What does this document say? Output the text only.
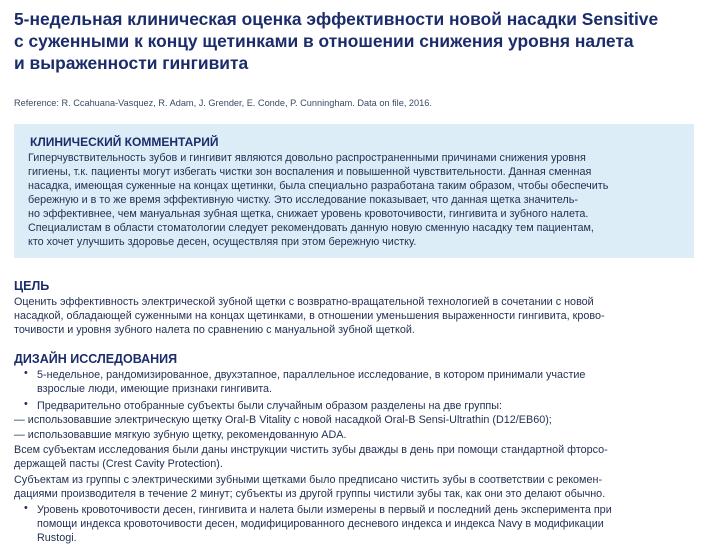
5-недельная клиническая оценка эффективности новой насадки Sensitive
с суженными к концу щетинками в отношении снижения уровня налета
и выраженности гингивита
Reference: R. Ccahuana-Vasquez, R. Adam, J. Grender, E. Conde, P. Cunningham. Data on file, 2016.
КЛИНИЧЕСКИЙ КОММЕНТАРИЙ
Гиперчувствительность зубов и гингивит являются довольно распространенными причинами снижения уровня
гигиены, т.к. пациенты могут избегать чистки зон воспаления и повышенной чувствительности. Данная сменная
насадка, имеющая суженные на концах щетинки, была специально разработана таким образом, чтобы обеспечить
бережную и в то же время эффективную чистку. Это исследование показывает, что данная щетка значитель-
но эффективнее, чем мануальная зубная щетка, снижает уровень кровоточивости, гингивита и зубного налета.
Специалистам в области стоматологии следует рекомендовать данную новую сменную насадку тем пациентам,
кто хочет улучшить здоровье десен, осуществляя при этом бережную чистку.
ЦЕЛЬ
Оценить эффективность электрической зубной щетки с возвратно-вращательной технологией в сочетании с новой
насадкой, обладающей суженными на концах щетинками, в отношении уменьшения выраженности гингивита, крово-
точивости и уровня зубного налета по сравнению с мануальной зубной щеткой.
ДИЗАЙН ИССЛЕДОВАНИЯ
• 5-недельное, рандомизированное, двухэтапное, параллельное исследование, в котором принимали участие
взрослые люди, имеющие признаки гингивита.
• Предварительно отобранные субъекты были случайным образом разделены на две группы:
— использовавшие электрическую щетку Oral-B Vitality с новой насадкой Oral-B Sensi-Ultrathin (D12/EB60);
— использовавшие мягкую зубную щетку, рекомендованную ADA.
Всем субъектам исследования были даны инструкции чистить зубы дважды в день при помощи стандартной фторсо-
держащей пасты (Crest Cavity Protection).
Субъектам из группы с электрическими зубными щетками было предписано чистить зубы в соответствии с рекомен-
дациями производителя в течение 2 минут; субъекты из другой группы чистили зубы так, как они это делают обычно.
• Уровень кровоточивости десен, гингивита и налета были измерены в первый и последний день эксперимента при
помощи индекса кровоточивости десен, модифицированного десневого индекса и индекса Navy в модификации
Rustogi.
